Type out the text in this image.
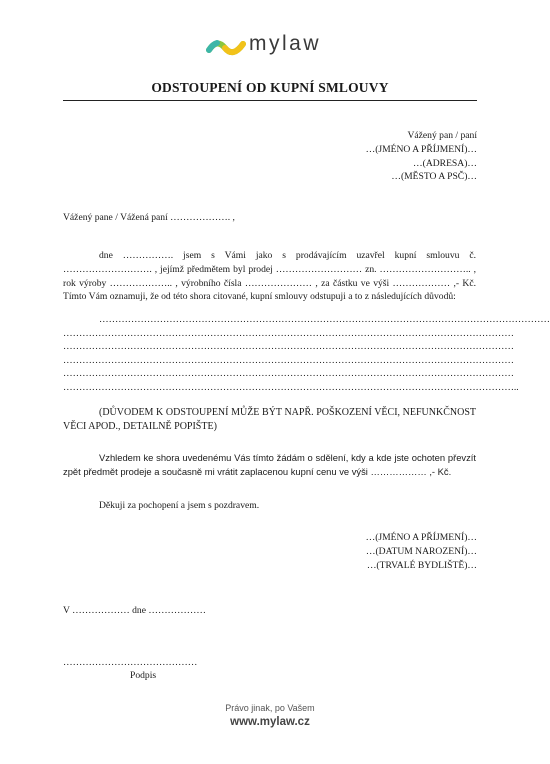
mylaw
ODSTOUPENÍ OD KUPNÍ SMLOUVY
Vážený pan / paní
…(JMÉNO A PŘÍJMENÍ)…
…(ADRESA)…
…(MĚSTO A PSČ)…
Vážený pane / Vážená paní ………………. ,
dne ……………. jsem s Vámi jako s prodávajícím uzavřel kupní smlouvu č. ………………………. , jejímž předmětem byl prodej ……………………… zn. ……………………….. , rok výroby ……………….. , výrobního čísla ………………… , za částku ve výši ……………… ,- Kč. Tímto Vám oznamuji, že od této shora citované, kupní smlouvy odstupuji a to z následujících důvodů:
……………………………………………………………………………………………………………………………
……………………………………………………………………………………………………………………………
……………………………………………………………………………………………………………………………
……………………………………………………………………………………………………………………………
……………………………………………………………………………………………………………………………
……………………………………………………………………………………………………………………………..
(DŮVODEM K ODSTOUPENÍ MŮŽE BÝT NAPŘ. POŠKOZENÍ VĚCI, NEFUNKČNOST VĚCI APOD., DETAILNĚ POPIŠTE)
Vzhledem ke shora uvedenému Vás tímto žádám o sdělení, kdy a kde jste ochoten převzít zpět předmět prodeje a současně mi vrátit zaplacenou kupní cenu ve výši ……………… ,- Kč.
Děkuji za pochopení a jsem s pozdravem.
…(JMÉNO A PŘÍJMENÍ)…
…(DATUM NAROZENÍ)…
…(TRVALÉ BYDLIŠTĚ)…
V ……………… dne ………………
……………………………………
Podpis
Právo jinak, po Vašem
www.mylaw.cz
